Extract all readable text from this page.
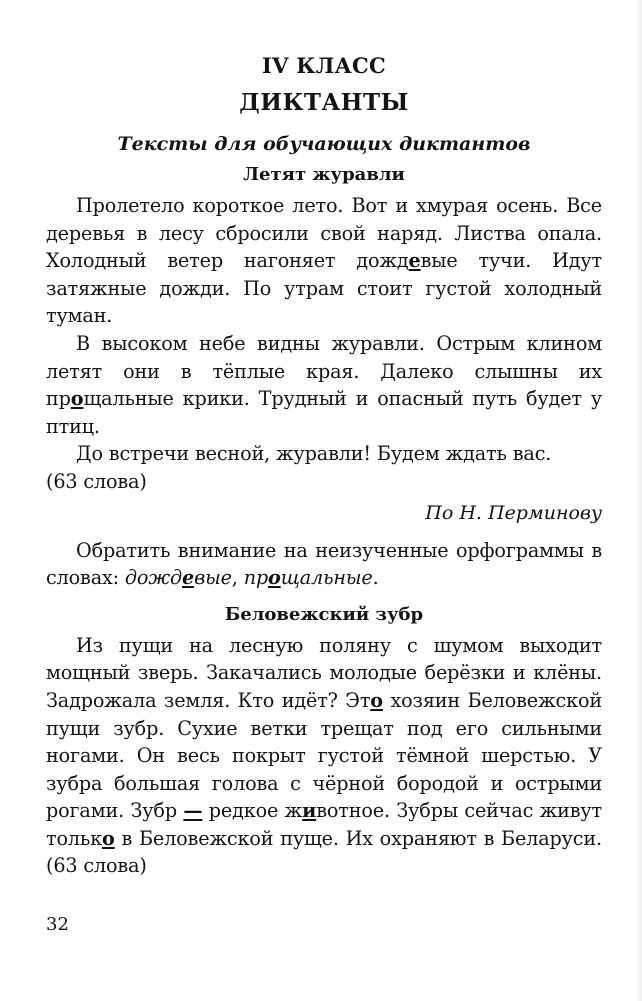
IV КЛАСС
ДИКТАНТЫ
Тексты для обучающих диктантов
Летят журавли

Пролетело короткое лето. Вот и хмурая осень. Все деревья в лесу сбросили свой наряд. Листва опала. Холодный ветер нагоняет дождевые тучи. Идут затяжные дожди. По утрам стоит густой холодный туман.

В высоком небе видны журавли. Острым клином летят они в тёплые края. Далеко слышны их прощальные крики. Трудный и опасный путь будет у птиц.

До встречи весной, журавли! Будем ждать вас.
(63 слова)

По Н. Перминову

Обратить внимание на неизученные орфограммы в словах: дождевые, прощальные.

Беловежский зубр

Из пущи на лесную поляну с шумом выходит мощный зверь. Закачались молодые берёзки и клёны. Задрожала земля. Кто идёт? Это хозяин Беловежской пущи зубр. Сухие ветки трещат под его сильными ногами. Он весь покрыт густой тёмной шерстью. У зубра большая голова с чёрной бородой и острыми рогами. Зубр — редкое животное. Зубры сейчас живут только в Беловежской пуще. Их охраняют в Беларуси. (63 слова)

32
